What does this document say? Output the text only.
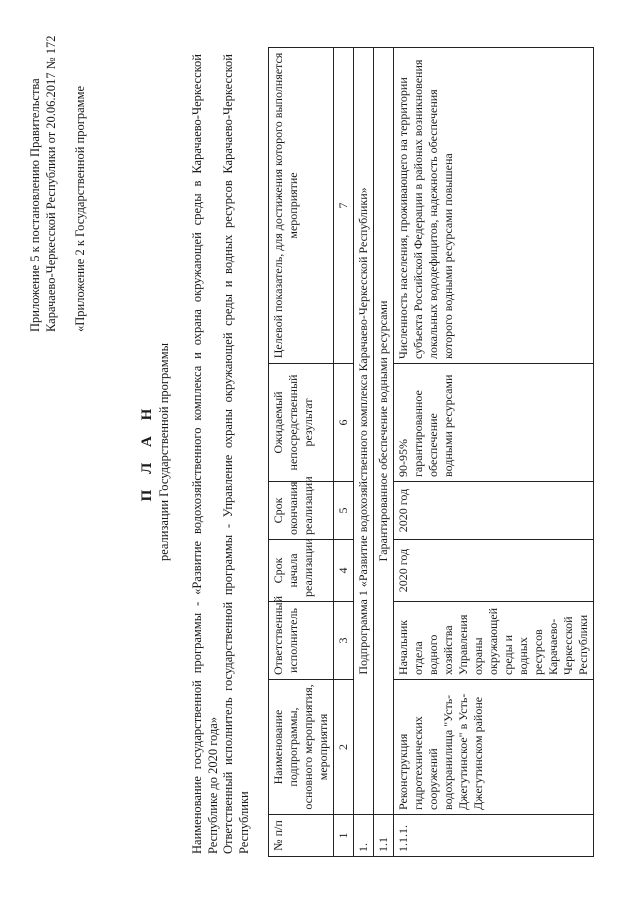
Приложение 5 к постановлению Правительства Карачаево-Черкесской Республики от 20.06.2017 № 172 «Приложение 2 к Государственной программе

П Л А Н реализации Государственной программы Наименование государственной программы - «Развитие водохозяйственного комплекса и охрана окружающей среды в Карачаево-Черкесской Республике до 2020 года» Ответственный исполнитель государственной программы - Управление охраны окружающей среды и водных ресурсов Карачаево-Черкесской Республики № п/п	Наименование подпрограммы, основного мероприятия, мероприятия	Ответственный исполнитель	Срок начала реализации	Срок окончания реализации	Ожидаемый непосредственный результат	Целевой показатель, для достижения которого выполняется мероприятие
1	2	3	4	5	6	7
1.	Подпрограмма 1 «Развитие водохозяйственного комплекса Карачаево-Черкесской Республики»					
1.1	Гарантированное обеспечение водными ресурсами					
1.1.1.	Реконструкция гидротехнических сооружений водохранилища "Усть-Джегутинское" в Усть-Джегутинском районе	Начальник отдела водного хозяйства Управления охраны окружающей среды и водных ресурсов Карачаево-Черкесской Республики	2020 год	2020 год	90-95% гарантированное обеспечение водными ресурсами	Численность населения, проживающего на территории субъекта Российской Федерации в районах возникновения локальных вододефицитов, надежность обеспечения которого водными ресурсами повышена
